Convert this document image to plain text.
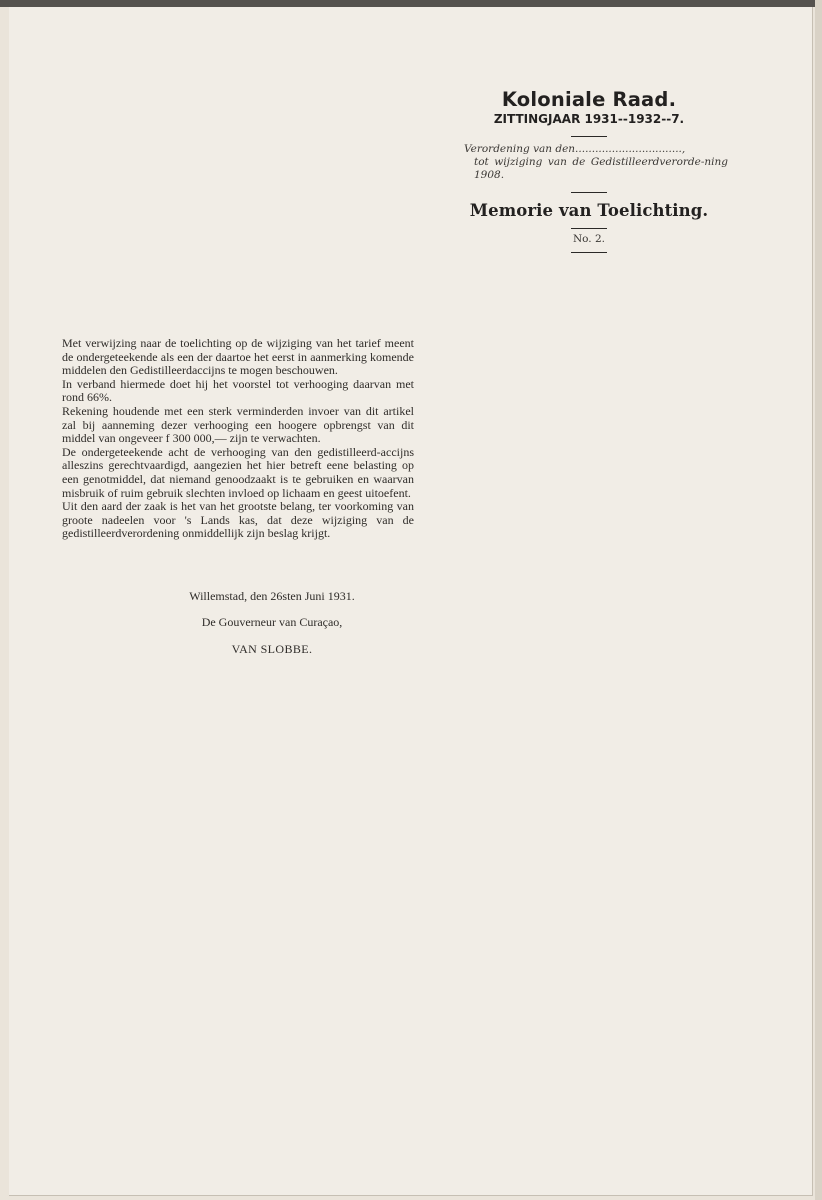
Koloniale Raad.

ZITTINGJAAR 1931--1932--7.

Verordening van den................................,
tot wijziging van de Gedistilleerdverorde-ning 1908.

Memorie van Toelichting.

No. 2.

Met verwijzing naar de toelichting op de wijziging van het tarief meent de ondergeteekende als een der daartoe het eerst in aanmerking komende middelen den Gedistilleerdaccijns te mogen beschouwen.

In verband hiermede doet hij het voorstel tot verhooging daarvan met rond 66%.

Rekening houdende met een sterk verminderden invoer van dit artikel zal bij aanneming dezer verhooging een hoogere opbrengst van dit middel van ongeveer f 300 000,— zijn te verwachten.

De ondergeteekende acht de verhooging van den gedistilleerd-accijns alleszins gerechtvaardigd, aangezien het hier betreft eene belasting op een genotmiddel, dat niemand genoodzaakt is te gebruiken en waarvan misbruik of ruim gebruik slechten invloed op lichaam en geest uitoefent.

Uit den aard der zaak is het van het grootste belang, ter voorkoming van groote nadeelen voor 's Lands kas, dat deze wijziging van de gedistilleerdverordening onmiddellijk zijn beslag krijgt.

Willemstad, den 26sten Juni 1931.
De Gouverneur van Curaçao,
VAN SLOBBE.
